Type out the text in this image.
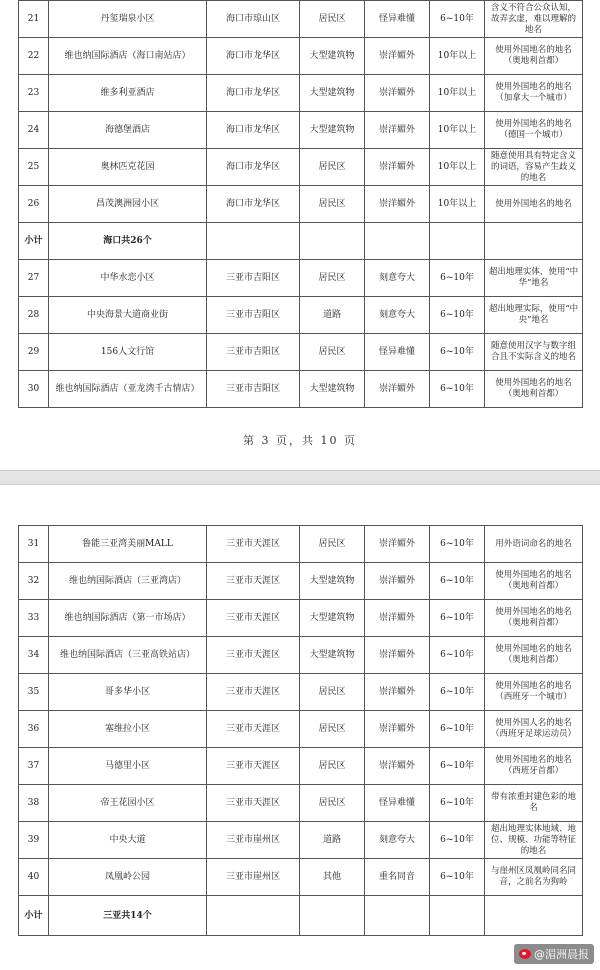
21	丹玺瑞泉小区	海口市琼山区	居民区	怪异难懂	6~10年	含义不符合公众认知，故弄玄虚，难以理解的地名
22	维也纳国际酒店（海口南站店）	海口市龙华区	大型建筑物	崇洋媚外	10年以上	使用外国地名的地名（奥地利首都）
23	维多利亚酒店	海口市龙华区	大型建筑物	崇洋媚外	10年以上	使用外国地名的地名（加拿大一个城市）
24	海德堡酒店	海口市龙华区	大型建筑物	崇洋媚外	10年以上	使用外国地名的地名（德国一个城市）
25	奥林匹克花园	海口市龙华区	居民区	崇洋媚外	10年以上	随意使用具有特定含义的词语，容易产生歧义的地名
26	昌茂澳洲园小区	海口市龙华区	居民区	崇洋媚外	10年以上	使用外国地名的地名
小计	海口共26个					
27	中华水恋小区	三亚市吉阳区	居民区	刻意夸大	6~10年	超出地理实体，使用“中华”地名
28	中央海景大道商业街	三亚市吉阳区	道路	刻意夸大	6~10年	超出地理实际，使用“中央”地名
29	156人文行馆	三亚市吉阳区	居民区	怪异难懂	6~10年	随意使用汉字与数字组合且不实际含义的地名
30	维也纳国际酒店（亚龙湾千古情店）	三亚市吉阳区	大型建筑物	崇洋媚外	6~10年	使用外国地名的地名（奥地利首都）
第 3 页，共 10 页
31	鲁能三亚湾美丽MALL	三亚市天涯区	居民区	崇洋媚外	6~10年	用外语词命名的地名
32	维也纳国际酒店（三亚湾店）	三亚市天涯区	大型建筑物	崇洋媚外	6~10年	使用外国地名的地名（奥地利首都）
33	维也纳国际酒店（第一市场店）	三亚市天涯区	大型建筑物	崇洋媚外	6~10年	使用外国地名的地名（奥地利首都）
34	维也纳国际酒店（三亚高铁站店）	三亚市天涯区	大型建筑物	崇洋媚外	6~10年	使用外国地名的地名（奥地利首都）
35	哥多华小区	三亚市天涯区	居民区	崇洋媚外	6~10年	使用外国地名的地名（西班牙一个城市）
36	塞维拉小区	三亚市天涯区	居民区	崇洋媚外	6~10年	使用外国人名的地名（西班牙足球运动员）
37	马德里小区	三亚市天涯区	居民区	崇洋媚外	6~10年	使用外国地名的地名（西班牙首都）
38	帝王花园小区	三亚市天涯区	居民区	怪异难懂	6~10年	带有浓重封建色彩的地名
39	中央大道	三亚市崖州区	道路	刻意夸大	6~10年	超出地理实体地域、地位、规模、功能等特征的地名
40	凤凰岭公园	三亚市崖州区	其他	重名同音	6~10年	与崖州区凤凰岭同名同音，之前名为狗岭
小计	三亚共14个					
@湄洲晨报
